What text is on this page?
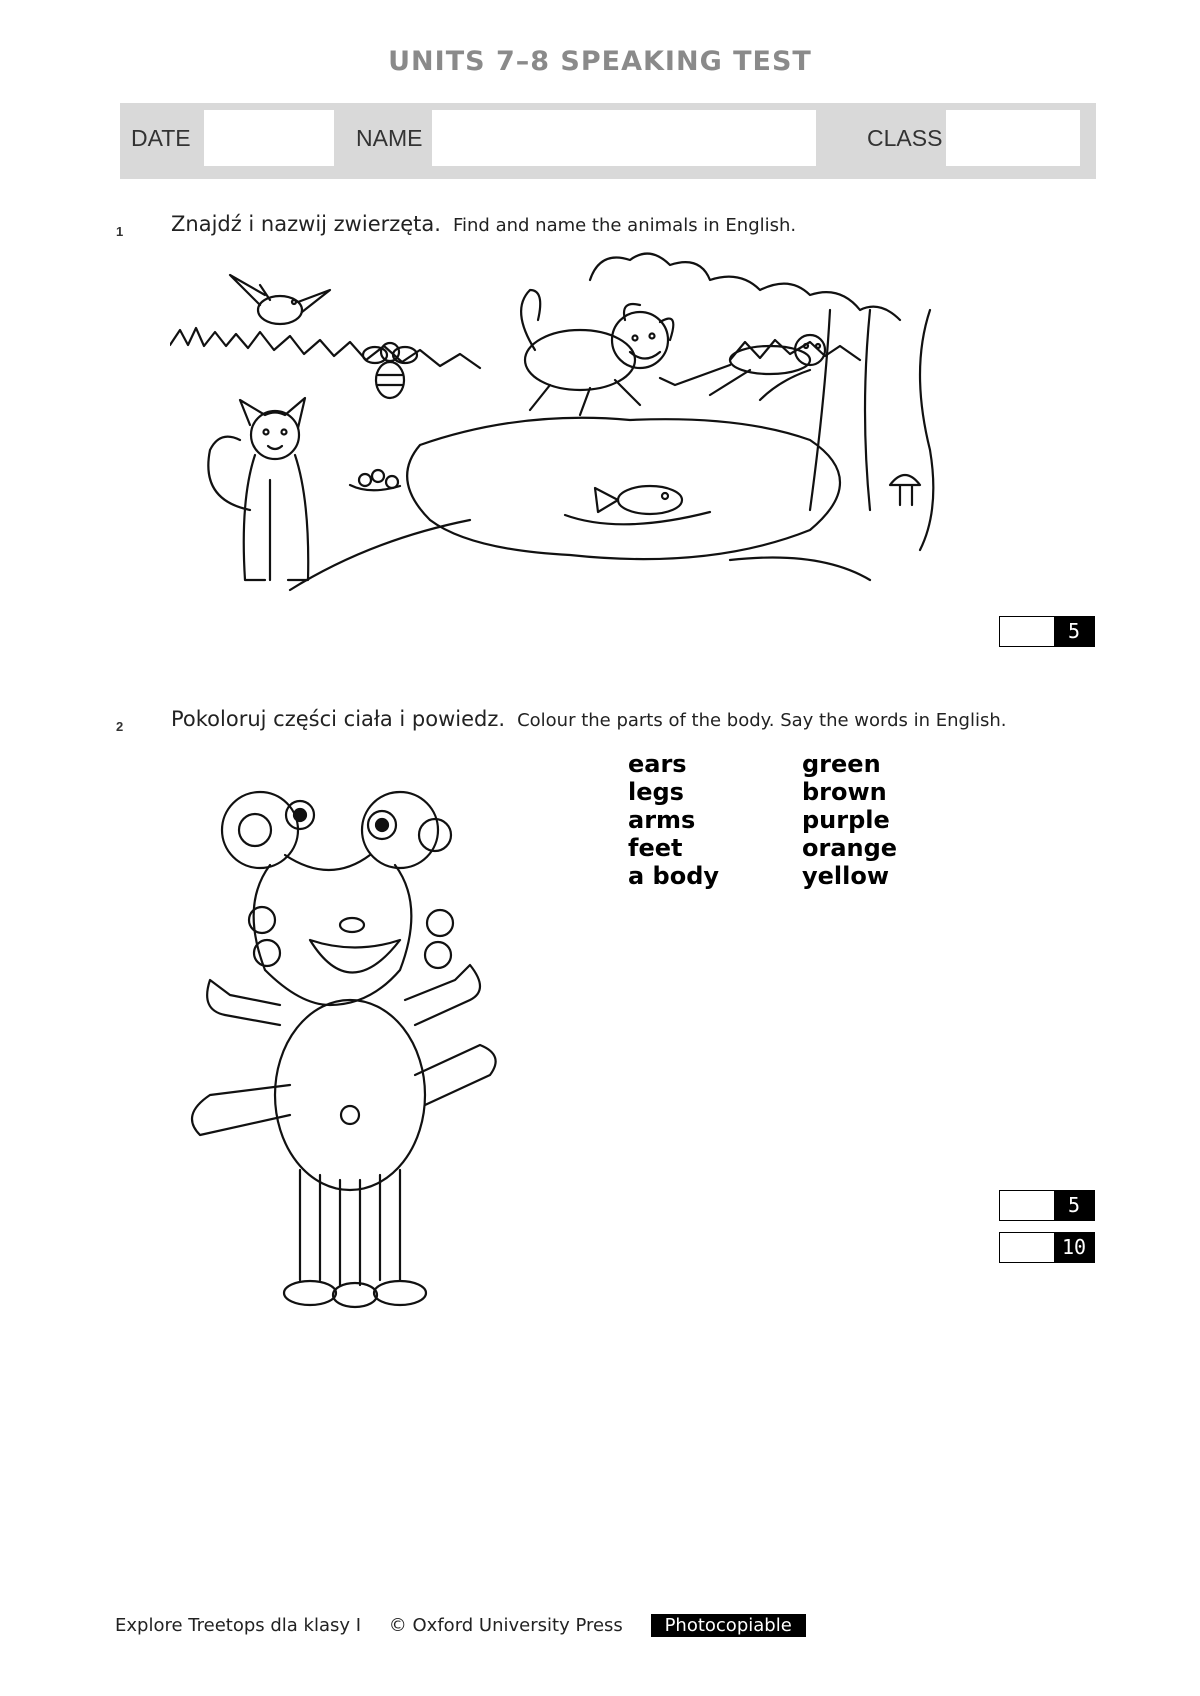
UNITS 7–8 SPEAKING TEST
DATE	NAME	CLASS
1 Znajdź i nazwij zwierzęta. Find and name the animals in English.
5
2 Pokoloruj części ciała i powiedz. Colour the parts of the body. Say the words in English.
ears
legs
arms
feet
a body
green
brown
purple
orange
yellow
5
10
Explore Treetops dla klasy I © Oxford University Press Photocopiable
